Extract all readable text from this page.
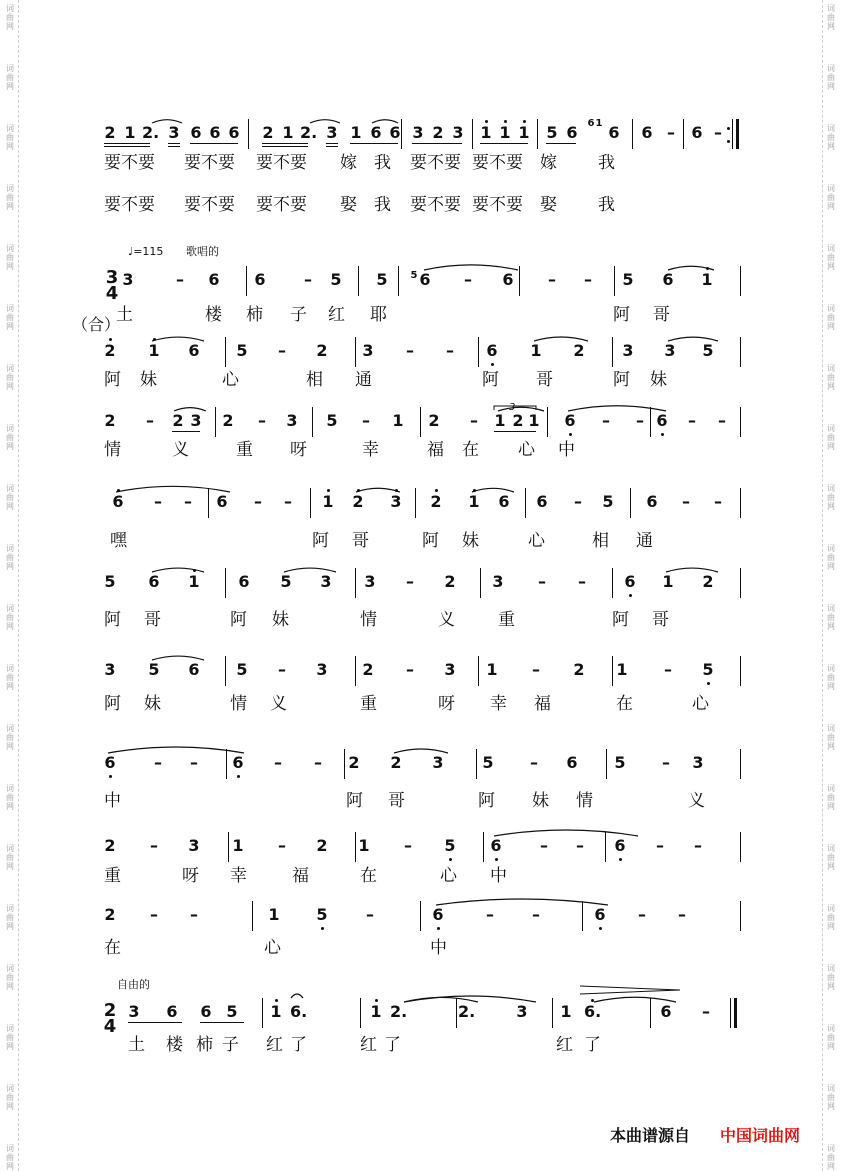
词
曲
网
词
曲
网
词
曲
网
词
曲
网
词
曲
网
词
曲
网
词
曲
网
词
曲
网
词
曲
网
词
曲
网
词
曲
网
词
曲
网
词
曲
网
词
曲
网
词
曲
网
词
曲
网
词
曲
网
词
曲
网
词
曲
网
词
曲
网
词
曲
网
词
曲
网
词
曲
网
词
曲
网
词
曲
网
词
曲
网
词
曲
网
词
曲
网
词
曲
网
词
曲
网
词
曲
网
词
曲
网
词
曲
网
词
曲
网
词
曲
网
词
曲
网
词
曲
网
词
曲
网
词
曲
网
词
曲
网
♩=115 歌唱的
自由的
3
4
2
4
（合）
3
本曲谱源自 中国词曲网
2 1 2. 3 6 6 6 2 1 2. 3 1 6 6 3 2 3 1 1 1 5 6 6 6 – 6 –
6 1
要不要 要不要 要不要 嫁 我 要不要 要不要 嫁 我
要不要 要不要 要不要 娶 我 要不要 要不要 娶 我
3	– 6 6 – 5 5 6 – 6 – – 5 6 1
5
土	楼 柿 子 红 耶	阿 哥
2 1 6 5 – 2 3 – – 6 1 2 3 3 5
阿 妹	心	相 通	阿 哥	阿 妹
2 – 2 3 2 – 3 5 – 1 2 – 1 2 1 6 – – 6 – –
情	义	重 呀	幸	福 在 心 中
6 – – 6 – – 1 2 3 2 1 6 6 – 5 6 – –
嘿	阿 哥	阿 妹	心	相 通
5 6 1 6 5 3 3 – 2 3 – – 6 1 2
阿 哥	阿 妹	情	义	重	阿 哥
3 5 6 5 – 3 2 – 3 1 – 2 1 – 5
阿 妹	情 义	重	呀 幸 福	在	心
6 – – 6 – – 2 2 3 5 – 6 5 – 3
中	阿 哥	阿 妹 情	义
2 – 3 1 – 2 1 – 5 6 – – 6 – –
重	呀 幸	福	在	心 中
2 – –	1 5 –	6	– –	6 – –
在	心	中
3 6 6 5 1 6.	1 2.	2.	3 1 6.	6 –
土 楼 柿 子 红 了	红 了	红 了
